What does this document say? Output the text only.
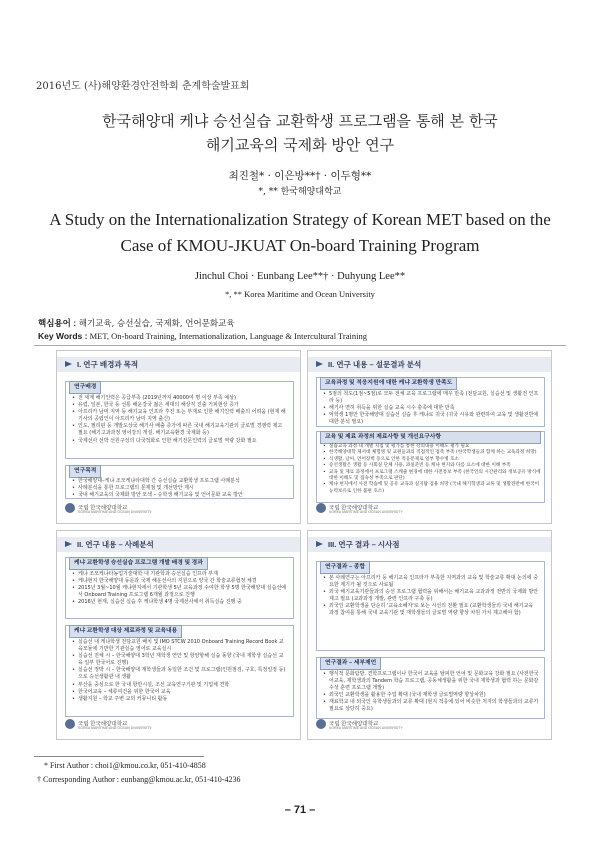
2016년도 (사)해양환경안전학회 춘계학술발표회
한국해양대 케냐 승선실습 교환학생 프로그램을 통해 본 한국
해기교육의 국제화 방안 연구
최진철* · 이은방**† · 이두형**
*, ** 한국해양대학교
A Study on the Internationalization Strategy of Korean MET based on the
Case of KMOU-JKUAT On-board Training Program
Jinchul Choi · Eunbang Lee**† · Duhyung Lee**
*, ** Korea Maritime and Ocean University
핵심용어 : 해기교육, 승선실습, 국제화, 언어문화교육
Key Words : MET, On-board Training, Internationalization, Language & Intercultural Training
I. 연구 배경과 목적
연구배경
• 전 세계 해기인력은 공급부족 (2019년까지 40000여 명 이상 부족 예상)
• 유럽, 일본, 한국 등 선통 해운강국 젊은 세대의 해상직 진출 기피현상 증가
• 아프리카 남미 지역 등 해기교육 인프라 후진 또는 부재로 인한 해기인력 배출의 어려움 (현재 해기사의 공립인이 아프리카 남미 지역 출신)
• 인도, 필리핀 등 개발도상국 해기사 배출 증가에 따른 국내 해기교육기관의 글로벌 경쟁력 제고 필요 (해기고과과정 영어강의 개설, 해기교육환경 국제화 등)
• 국제선사 선박 선원구성의 다국적화로 인한 해기전문인력의 글로벌 역량 강화 필요
연구목적
• 한국해양대–케냐 조모케냐타대학 간 승선실습 교환학생 프로그램 사례분석
• 사례분석을 통한 프로그램의 문제점 및 개선방안 제시
• 국내 해기교육의 국제화 방안 모색 – 승학생 해기교육 및 언어문화 교육 방안
국립 한국해양대학교
KOREA MARITIME AND OCEAN UNIVERSITY
II. 연구 내용 – 설문결과 분석
교육과정 및 적응지원에 대한 케냐 교환학생 만족도
• 5점의 척도(1점~5점)로 모두 전체 교육 프로그램에 매우 만족 (전담교원, 실습선 및 생활전 인프라 등)
• 해기사 면허 취득을 위한 실습 교육 시수 충족에 대한 만족
• 억학생 1명만 한국해양대 실습선 실습 후 케냐로 귀국 (귀국 시유와 관련하여 교육 및 생활전반에 대한 분석 필요)
교육 및 제료 과정의 제료사항 및 개선요구사항
• 실습교육 과정 내 개별 지침 및 평가를 통한 강의내용 이해도 평가 필요
• 한국해양대학 제서대 체험병 및 교원들과의 직접적인 접촉 부족 (한국학생들과 함께 하는 교육과정 희망)
• 식생활, 날씨, 언어장벽 등으로 인한 적응문제로 일부 향수병 호소
• 승선생활은 생활 등 사회실 단체 사용, 과실준빈 등 케냐 현지와 다름 요소에 대한 이해 부족
• 교육 및 제료 과정에서 프로그램 스케줄 변경에 대한 사전통보 부족 (한국인의 시간관리와 정보공유 방식에 대한 이해도 및 접속성 부족으로 판단)
• 케냐 현지에서 사전 학습에 및 공유 교육과 실지탐 겸용 희망 (국내 해기학생과 교류 및 생활전반에 한국어능력보유로 인한 불편 호소)
국립 한국해양대학교
KOREA MARITIME AND OCEAN UNIVERSITY
II. 연구 내용 – 사례분석
케냐 교환학생 승선실습 프로그램 개발 배경 및 경과
• 케냐 조모케냐타농업기술대학 내 기관학과 승선실습 인프라 부재
• 케냐현지 한국해양대 동문과 국제 해운선사의 지원으로 양국 간 학술교류협정 체결
• 2015년 3월~10월 케냐현지에서 기관학생 5년 교육과정 수여한 학생 5명 한국해양대 실습선에서 Onboard Training 프로그램 6개월 과정으로 진행
• 2016년 현재, 실습선 실습 후 케냐학생 4명 국제선사에서 취득실습 진행 중
케냐 교환학생 대상 제료과정 및 교육내용
• 실습선 내 케냐학생 전담교원 배치 및 IMO STCW 2010 Onboard Training Record Book 교육모듈에 기반한 기관실습 영어로 교육실시
• 실습선 전체 시 – 한국해양대 3학년 재학생 연안 및 항양항해 실습 동향 (국내 재학생 실습선 교육 일부 한국어로 진행)
• 실습선 정박 시 – 한국해양대 재학생들과 동일한 조건 및 프로그램(인원점검, 구호, 특정일정 등)으로 승선생활관 내 생활
• 부산을 중심으로 한 국내 항만시설, 조선 교육연구기관 및 기업체 견학
• 한국어교육 – 체류여건을 위한 한국어 교육
• 생활지원 – 학교 주변 교외 커뮤니티 활동
국립 한국해양대학교
KOREA MARITIME AND OCEAN UNIVERSITY
III. 연구 결과 – 시사점
연구결과 – 종합
• 본 사례연구는 아프리카 등 해기교육 인프라가 부족한 지역과의 교육 및 학술교류 확대 논의에 중요한 계기가 될 것으로 사료됨
• 외국 해기교육기관들과의 승선 프로그램 협력을 위해서는 해기교육 교과과정 전반의 국제화 방안 제고 필요 (교과과정 개발, 관련 인프라 구축 등)
• 외국인 교환학생을 단순히 '교육소혜자'로 보는 시선의 전환 필요 (교환학생들의 국내 해기교육 과정 참여를 통해 국내 교육기관 및 재학생들의 글로벌 역량 향상 차원 가치 제고해야 함)
연구결과 – 세부제언
• 행식적 문화탐방, 견학프로그램이나 한국어 교육을 탈피한 언어 및 문화교육 강화 필요 (사전한국어교육, 재학생과의 Tandem 학습 프로그램, 공동체생활을 위한 국내 재학생과 협력 하는 문화감수성 훈련 프로그램 개발)
• 외국인 교환학생을 활용한 수업 확대 (국내 재학생 글로벌역량 향상차원)
• 재료학교 내 외국인 유학생들과의 교류 확대 (현지 적응에 있어 비슷한 처지의 학생들과의 교류가 필요로 상당히 중요)
국립 한국해양대학교
KOREA MARITIME AND OCEAN UNIVERSITY
* First Author : choi1@kmou.co.kr, 051-410-4858
† Corresponding Author : eunbang@kmou.ac.kr, 051-410-4236
– 71 –
